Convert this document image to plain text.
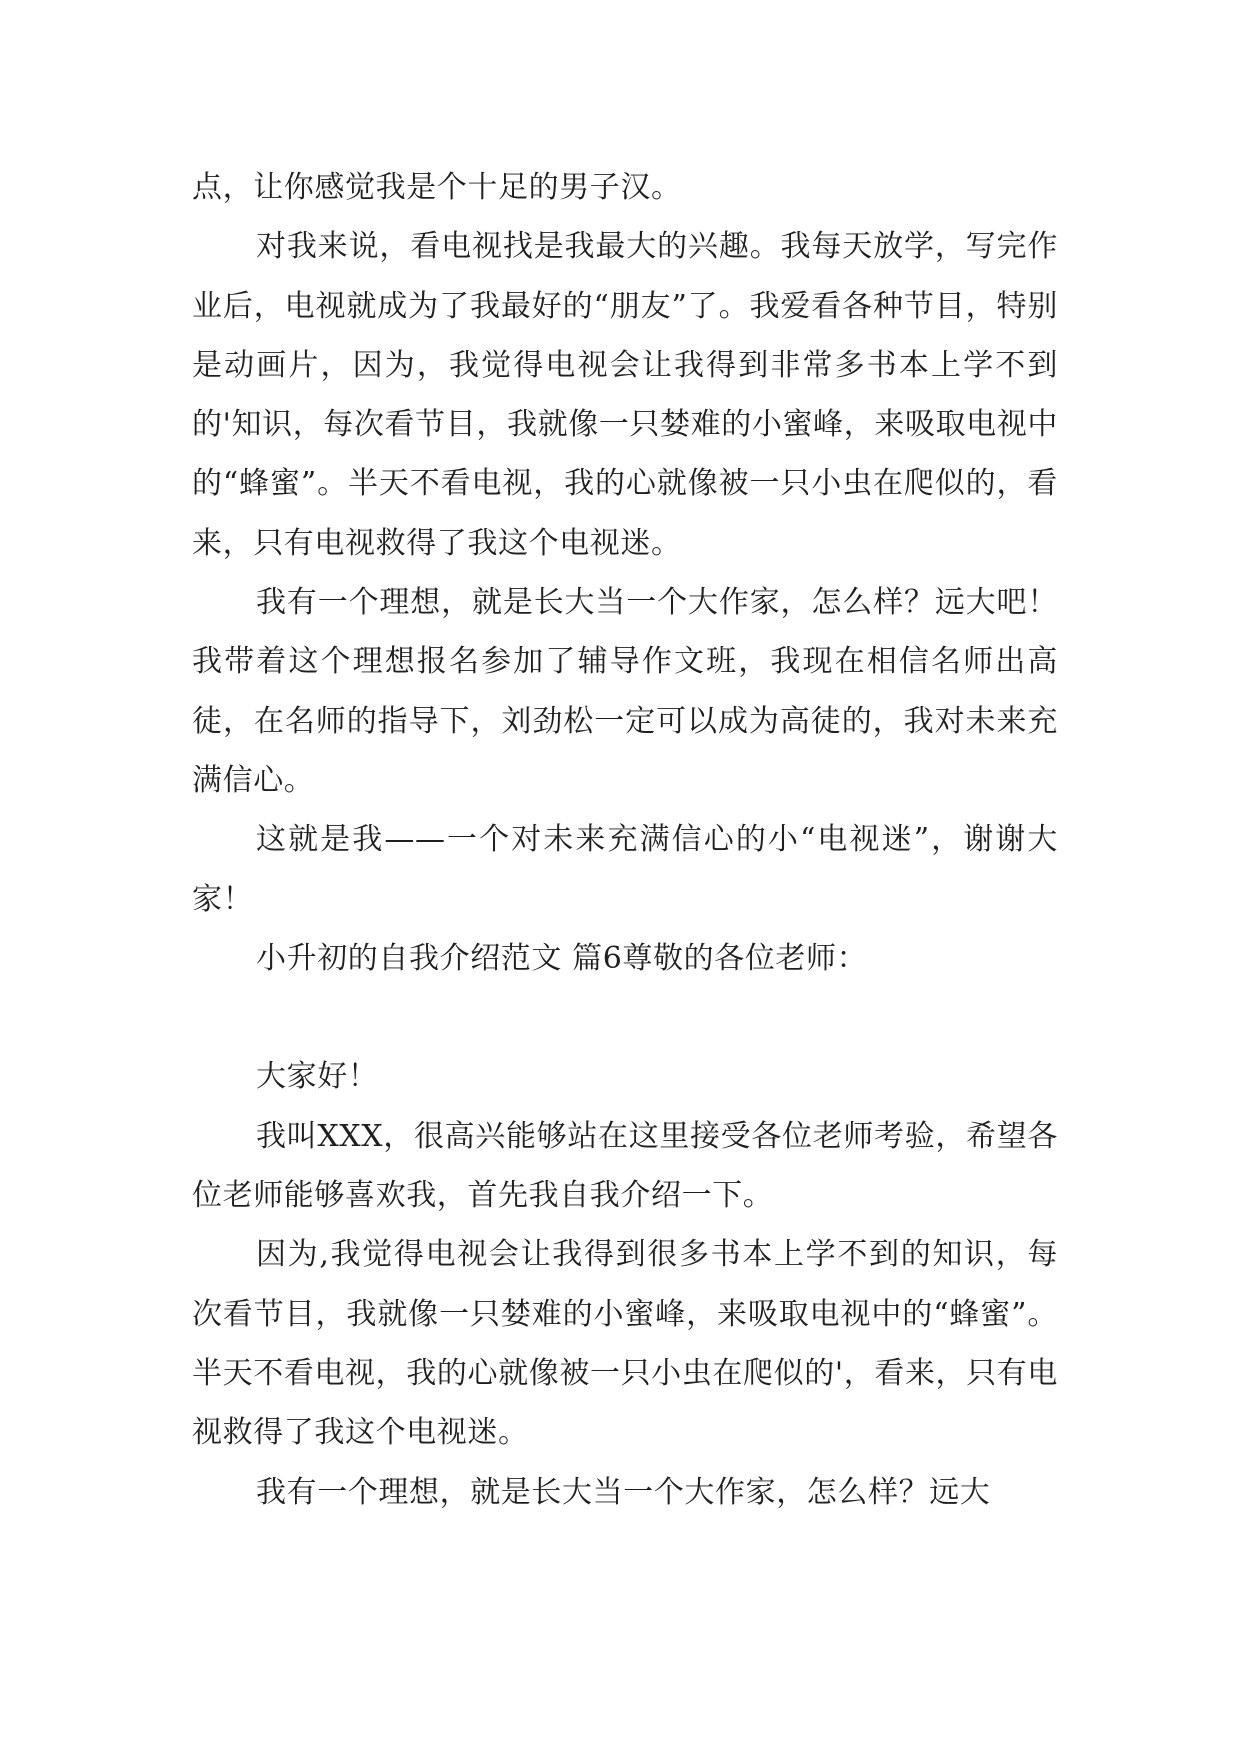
点，让你感觉我是个十足的男子汉。

对我来说，看电视找是我最大的兴趣。我每天放学，写完作业后，电视就成为了我最好的“朋友”了。我爱看各种节目，特别是动画片，因为，我觉得电视会让我得到非常多书本上学不到的'知识，每次看节目，我就像一只婪难的小蜜峰，来吸取电视中的“蜂蜜”。半天不看电视，我的心就像被一只小虫在爬似的，看来，只有电视救得了我这个电视迷。

我有一个理想，就是长大当一个大作家，怎么样？远大吧！我带着这个理想报名参加了辅导作文班，我现在相信名师出高徒，在名师的指导下，刘劲松一定可以成为高徒的，我对未来充满信心。

这就是我——一个对未来充满信心的小“电视迷”，谢谢大家！

小升初的自我介绍范文 篇6尊敬的各位老师：

大家好！

我叫XXX，很高兴能够站在这里接受各位老师考验，希望各位老师能够喜欢我，首先我自我介绍一下。

因为,我觉得电视会让我得到很多书本上学不到的知识，每次看节目，我就像一只婪难的小蜜峰，来吸取电视中的“蜂蜜”。半天不看电视，我的心就像被一只小虫在爬似的'，看来，只有电视救得了我这个电视迷。

我有一个理想，就是长大当一个大作家，怎么样？远大
